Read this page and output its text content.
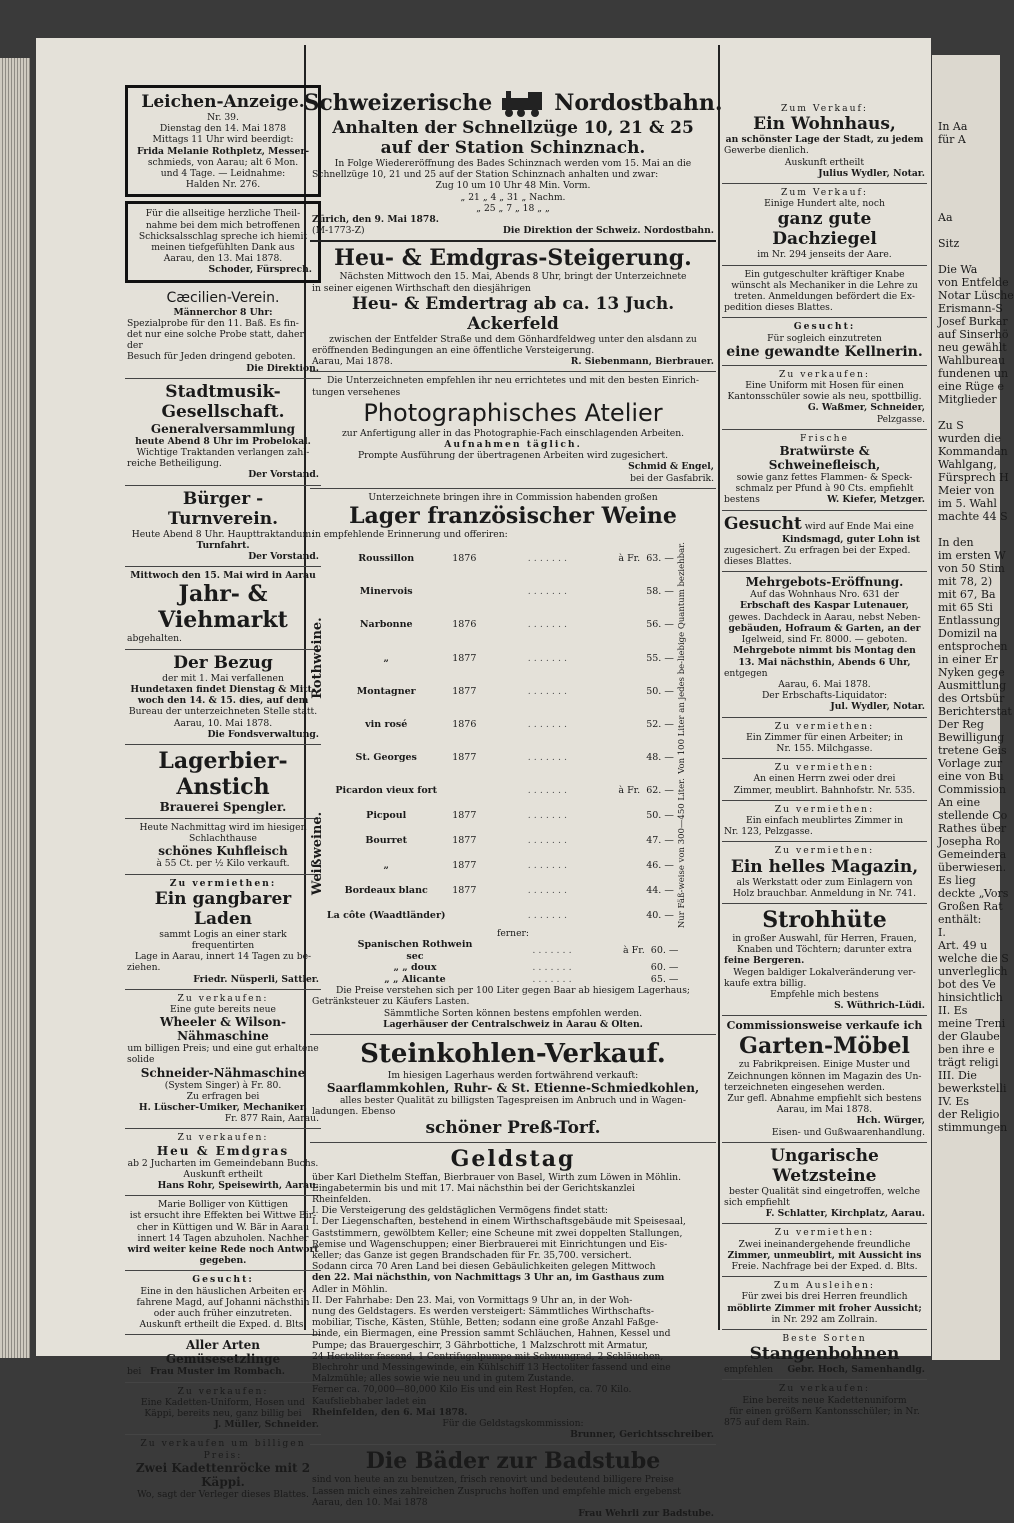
Leichen-Anzeige.

Nr. 39.

Dienstag den 14. Mai 1878

Mittags 11 Uhr wird beerdigt:

Frida Melanie Rothpletz, Messer-

schmieds, von Aarau; alt 6 Mon.

und 4 Tage. — Leidnahme:

Halden Nr. 276.

Für die allseitige herzliche Theil-

nahme bei dem mich betroffenen

Schicksalsschlag spreche ich hiemit

meinen tiefgefühlten Dank aus

Aarau, den 13. Mai 1878.

Schoder, Fürsprech.

Cæcilien-Verein.

Männerchor 8 Uhr:

Spezialprobe für den 11. Baß. Es fin-

det nur eine solche Probe statt, daher der

Besuch für Jeden dringend geboten.

Die Direktion.

Stadtmusik-Gesellschaft.

Generalversammlung

heute Abend 8 Uhr im Probelokal.

Wichtige Traktanden verlangen zahl-

reiche Betheiligung.

Der Vorstand.

Bürger - Turnverein.

Heute Abend 8 Uhr. Haupttraktandum:

Turnfahrt.

Der Vorstand.

Mittwoch den 15. Mai wird in Aarau

Jahr- & Viehmarkt

abgehalten.

Der Bezug

der mit 1. Mai verfallenen

Hundetaxen findet Dienstag & Mitt-

woch den 14. & 15. dies, auf dem

Bureau der unterzeichneten Stelle statt.

Aarau, 10. Mai 1878.

Die Fondsverwaltung.

Lagerbier-Anstich

Brauerei Spengler.

Heute Nachmittag wird im hiesigen

Schlachthause

schönes Kuhfleisch

à 55 Ct. per ½ Kilo verkauft.

Zu vermiethen:

Ein gangbarer Laden

sammt Logis an einer stark frequentirten

Lage in Aarau, innert 14 Tagen zu be-

ziehen.

Friedr. Nüsperli, Sattler.

Zu verkaufen:

Eine gute bereits neue

Wheeler & Wilson-Nähmaschine

um billigen Preis; und eine gut erhaltene

solide

Schneider-Nähmaschine

(System Singer) à Fr. 80.

Zu erfragen bei

H. Lüscher-Umiker, Mechaniker,

Fr. 877 Rain, Aarau.

Zu verkaufen:

Heu & Emdgras

ab 2 Jucharten im Gemeindebann Buchs.

Auskunft ertheilt

Hans Rohr, Speisewirth, Aarau.

Marie Bolliger von Küttigen

ist ersucht ihre Effekten bei Wittwe Bir-

cher in Küttigen und W. Bär in Aarau

innert 14 Tagen abzuholen. Nachher

wird weiter keine Rede noch Antwort gegeben.

Gesucht:

Eine in den häuslichen Arbeiten er-

fahrene Magd, auf Johanni nächsthin

oder auch früher einzutreten.

Auskunft ertheilt die Exped. d. Blts.

Aller Arten Gemüsesetzlinge

bei Frau Muster im Rombach.

Zu verkaufen:

Eine Kadetten-Uniform, Hosen und

Käppi, bereits neu, ganz billig bei

J. Müller, Schneider.

Zu verkaufen um billigen Preis:

Zwei Kadettenröcke mit 2 Käppi.

Wo, sagt der Verleger dieses Blattes.

Schweizerische	Nordostbahn.
Anhalten der Schnellzüge 10, 21 & 25
auf der Station Schinznach.

In Folge Wiedereröffnung des Bades Schinznach werden vom 15. Mai an die

Schnellzüge 10, 21 und 25 auf der Station Schinznach anhalten und zwar:

Zug 10 um 10 Uhr 48 Min. Vorm.

„ 21 „ 4 „ 31 „ Nachm.

„ 25 „ 7 „ 18 „ „

Zürich, den 9. Mai 1878.

(M-1773-Z)	Die Direktion der Schweiz. Nordostbahn.

Heu- & Emdgras-Steigerung.

Nächsten Mittwoch den 15. Mai, Abends 8 Uhr, bringt der Unterzeichnete

in seiner eigenen Wirthschaft den diesjährigen

Heu- & Emdertrag ab ca. 13 Juch. Ackerfeld

zwischen der Entfelder Straße und dem Gönhardfeldweg unter den alsdann zu

eröffnenden Bedingungen an eine öffentliche Versteigerung.

Aarau, Mai 1878.	R. Siebenmann, Bierbrauer.

Die Unterzeichneten empfehlen ihr neu errichtetes und mit den besten Einrich-

tungen versehenes

Photographisches Atelier

zur Anfertigung aller in das Photographie-Fach einschlagenden Arbeiten.

Aufnahmen täglich.

Prompte Ausführung der übertragenen Arbeiten wird zugesichert.

Schmid & Engel,

bei der Gasfabrik.

Unterzeichnete bringen ihre in Commission habenden großen

Lager französischer Weine

in empfehlende Erinnerung und offeriren:

Rothweine.
Roussillon	1876	. . . . . . .	à Fr.	63. —
Minervois		. . . . . . .		58. —
Narbonne	1876	. . . . . . .		56. —
„	1877	. . . . . . .		55. —
Montagner	1877	. . . . . . .		50. —
vin rosé	1876	. . . . . . .		52. —
St. Georges	1877	. . . . . . .		48. — Von 100 Liter an jedes be-liebige Quantum beziehbar.
Weißweine.
Picardon vieux fort		. . . . . . .	à Fr.	62. —
Picpoul	1877	. . . . . . .		50. —
Bourret	1877	. . . . . . .		47. —
„	1877	. . . . . . .		46. —
Bordeaux blanc	1877	. . . . . . .		44. —
La côte (Waadtländer)		. . . . . . .		40. — Nur Fäß-weise von 300—450 Liter.

ferner:

Spanischen Rothwein sec		. . . . . . .	à Fr.	60. —
„ „ doux		. . . . . . .		60. —
„ „ Alicante		. . . . . . .		65. —

Die Preise verstehen sich per 100 Liter gegen Baar ab hiesigem Lagerhaus;

Getränksteuer zu Käufers Lasten.

Sämmtliche Sorten können bestens empfohlen werden.

Lagerhäuser der Centralschweiz in Aarau & Olten.

Steinkohlen-Verkauf.

Im hiesigen Lagerhaus werden fortwährend verkauft:

Saarflammkohlen, Ruhr- & St. Etienne-Schmiedkohlen,

alles bester Qualität zu billigsten Tagespreisen im Anbruch und in Wagen-

ladungen. Ebenso

schöner Preß-Torf.
Geldstag

über Karl Diethelm Steffan, Bierbrauer von Basel, Wirth zum Löwen in Möhlin.

Eingabetermin bis und mit 17. Mai nächsthin bei der Gerichtskanzlei

Rheinfelden.

I. Die Versteigerung des geldstäglichen Vermögens findet statt:

I. Der Liegenschaften, bestehend in einem Wirthschaftsgebäude mit Speisesaal,

Gaststimmern, gewölbtem Keller; eine Scheune mit zwei doppelten Stallungen,

Remise und Wagenschuppen; einer Bierbrauerei mit Einrichtungen und Eis-

keller; das Ganze ist gegen Brandschaden für Fr. 35,700. versichert.

Sodann circa 70 Aren Land bei diesen Gebäulichkeiten gelegen Mittwoch

den 22. Mai nächsthin, von Nachmittags 3 Uhr an, im Gasthaus zum

Adler in Möhlin.

II. Der Fahrhabe: Den 23. Mai, von Vormittags 9 Uhr an, in der Woh-

nung des Geldstagers. Es werden versteigert: Sämmtliches Wirthschafts-

mobiliar, Tische, Kästen, Stühle, Betten; sodann eine große Anzahl Faßge-

binde, ein Biermagen, eine Pression sammt Schläuchen, Hahnen, Kessel und

Pumpe; das Brauergeschirr, 3 Gährbottiche, 1 Malzschrott mit Armatur,

24 Hectoliter fassend, 1 Centrifugalpumpe mit Schwungrad, 2 Schläuchen,

Blechrohr und Messingewinde, ein Kühlschiff 13 Hectoliter fassend und eine

Malzmühle; alles sowie wie neu und in gutem Zustande.

Ferner ca. 70,000—80,000 Kilo Eis und ein Rest Hopfen, ca. 70 Kilo.

Kaufsliebhaber ladet ein

Rheinfelden, den 6. Mai 1878.

Für die Geldstagskommission:

Brunner, Gerichtsschreiber.

Die Bäder zur Badstube

sind von heute an zu benutzen, frisch renovirt und bedeutend billigere Preise

Lassen mich eines zahlreichen Zuspruchs hoffen und empfehle mich ergebenst

Aarau, den 10. Mai 1878

Frau Wehrli zur Badstube.

Zum Verkauf:

Ein Wohnhaus,

an schönster Lage der Stadt, zu jedem

Gewerbe dienlich.

Auskunft ertheilt

Julius Wydler, Notar.

Zum Verkauf:

Einige Hundert alte, noch

ganz gute Dachziegel

im Nr. 294 jenseits der Aare.

Ein gutgeschulter kräftiger Knabe

wünscht als Mechaniker in die Lehre zu

treten. Anmeldungen befördert die Ex-

pedition dieses Blattes.

Gesucht:

Für sogleich einzutreten

eine gewandte Kellnerin.

Zu verkaufen:

Eine Uniform mit Hosen für einen

Kantonsschüler sowie als neu, spottbillig.

G. Waßmer, Schneider,

Pelzgasse.

Frische

Bratwürste & Schweinefleisch,

sowie ganz fettes Flammen- & Speck-

schmalz per Pfund à 90 Cts. empfiehlt

bestens	W. Kiefer, Metzger.

Gesucht wird auf Ende Mai eine

Kindsmagd, guter Lohn ist

zugesichert. Zu erfragen bei der Exped.

dieses Blattes.

Mehrgebots-Eröffnung.

Auf das Wohnhaus Nro. 631 der

Erbschaft des Kaspar Lutenauer,

gewes. Dachdeck in Aarau, nebst Neben-

gebäuden, Hofraum & Garten, an der

Igelweid, sind Fr. 8000. — geboten.

Mehrgebote nimmt bis Montag den

13. Mai nächsthin, Abends 6 Uhr,

entgegen

Aarau, 6. Mai 1878.

Der Erbschafts-Liquidator:

Jul. Wydler, Notar.

Zu vermiethen:

Ein Zimmer für einen Arbeiter; in

Nr. 155. Milchgasse.

Zu vermiethen:

An einen Herrn zwei oder drei

Zimmer, meublirt. Bahnhofstr. Nr. 535.

Zu vermiethen:

Ein einfach meublirtes Zimmer in

Nr. 123, Pelzgasse.

Zu vermiethen:

Ein helles Magazin,

als Werkstatt oder zum Einlagern von

Holz brauchbar. Anmeldung in Nr. 741.

Strohhüte

in großer Auswahl, für Herren, Frauen,

Knaben und Töchtern; darunter extra

feine Bergeren.

Wegen baldiger Lokalveränderung ver-

kaufe extra billig.

Empfehle mich bestens

S. Wüthrich-Lüdi.

Commissionsweise verkaufe ich

Garten-Möbel

zu Fabrikpreisen. Einige Muster und

Zeichnungen können im Magazin des Un-

terzeichneten eingesehen werden.

Zur gefl. Abnahme empfiehlt sich bestens

Aarau, im Mai 1878.

Hch. Würger,

Eisen- und Gußwaarenhandlung.

Ungarische Wetzsteine

bester Qualität sind eingetroffen, welche

sich empfiehlt

F. Schlatter, Kirchplatz, Aarau.

Zu vermiethen:

Zwei ineinandergehende freundliche

Zimmer, unmeublirt, mit Aussicht ins

Freie. Nachfrage bei der Exped. d. Blts.

Zum Ausleihen:

Für zwei bis drei Herren freundlich

möblirte Zimmer mit froher Aussicht;

in Nr. 292 am Zollrain.

Beste Sorten

Stangenbohnen

empfehlen Gebr. Hoch, Samenhandlg.

Zu verkaufen:

Eine bereits neue Kadettenuniform

für einen größern Kantonsschüler; in Nr.

875 auf dem Rain.

In Aa

für A

Aa

Sitz

Die Wa

von Entfelde

Notar Lüsche

Erismann-S

Josef Burkar

auf Sinserhö

neu gewählt

Wahlbureau

fundenen un

eine Rüge e

Mitglieder

Zu S

wurden die

Kommandan

Wahlgang,

Fürsprech H

Meier von

im 5. Wahl

machte 44 S

In den

im ersten W

von 50 Stim

mit 78, 2)

mit 67, Ba

mit 65 Sti

Entlassung

Domizil na

entsprochen

in einer Er

Nyken gege

Ausmittlung

des Ortsbür

Berichterstat

Der Reg

Bewilligung

tretene Geis

Vorlage zur

eine von Bu

Commission

An eine

stellende Co

Rathes über

Josepha Ro

Gemeindera

überwiesen.

Es lieg

deckte „Vors

Großen Rat

enthält:

I.

Art. 49 u

welche die S

unverleglich

bot des Ve

hinsichtlich

II. Es

meine Treni

der Glaube

ben ihre e

trägt religi

III. Die

bewerkstelli

IV. Es

der Religio

stimmungen
